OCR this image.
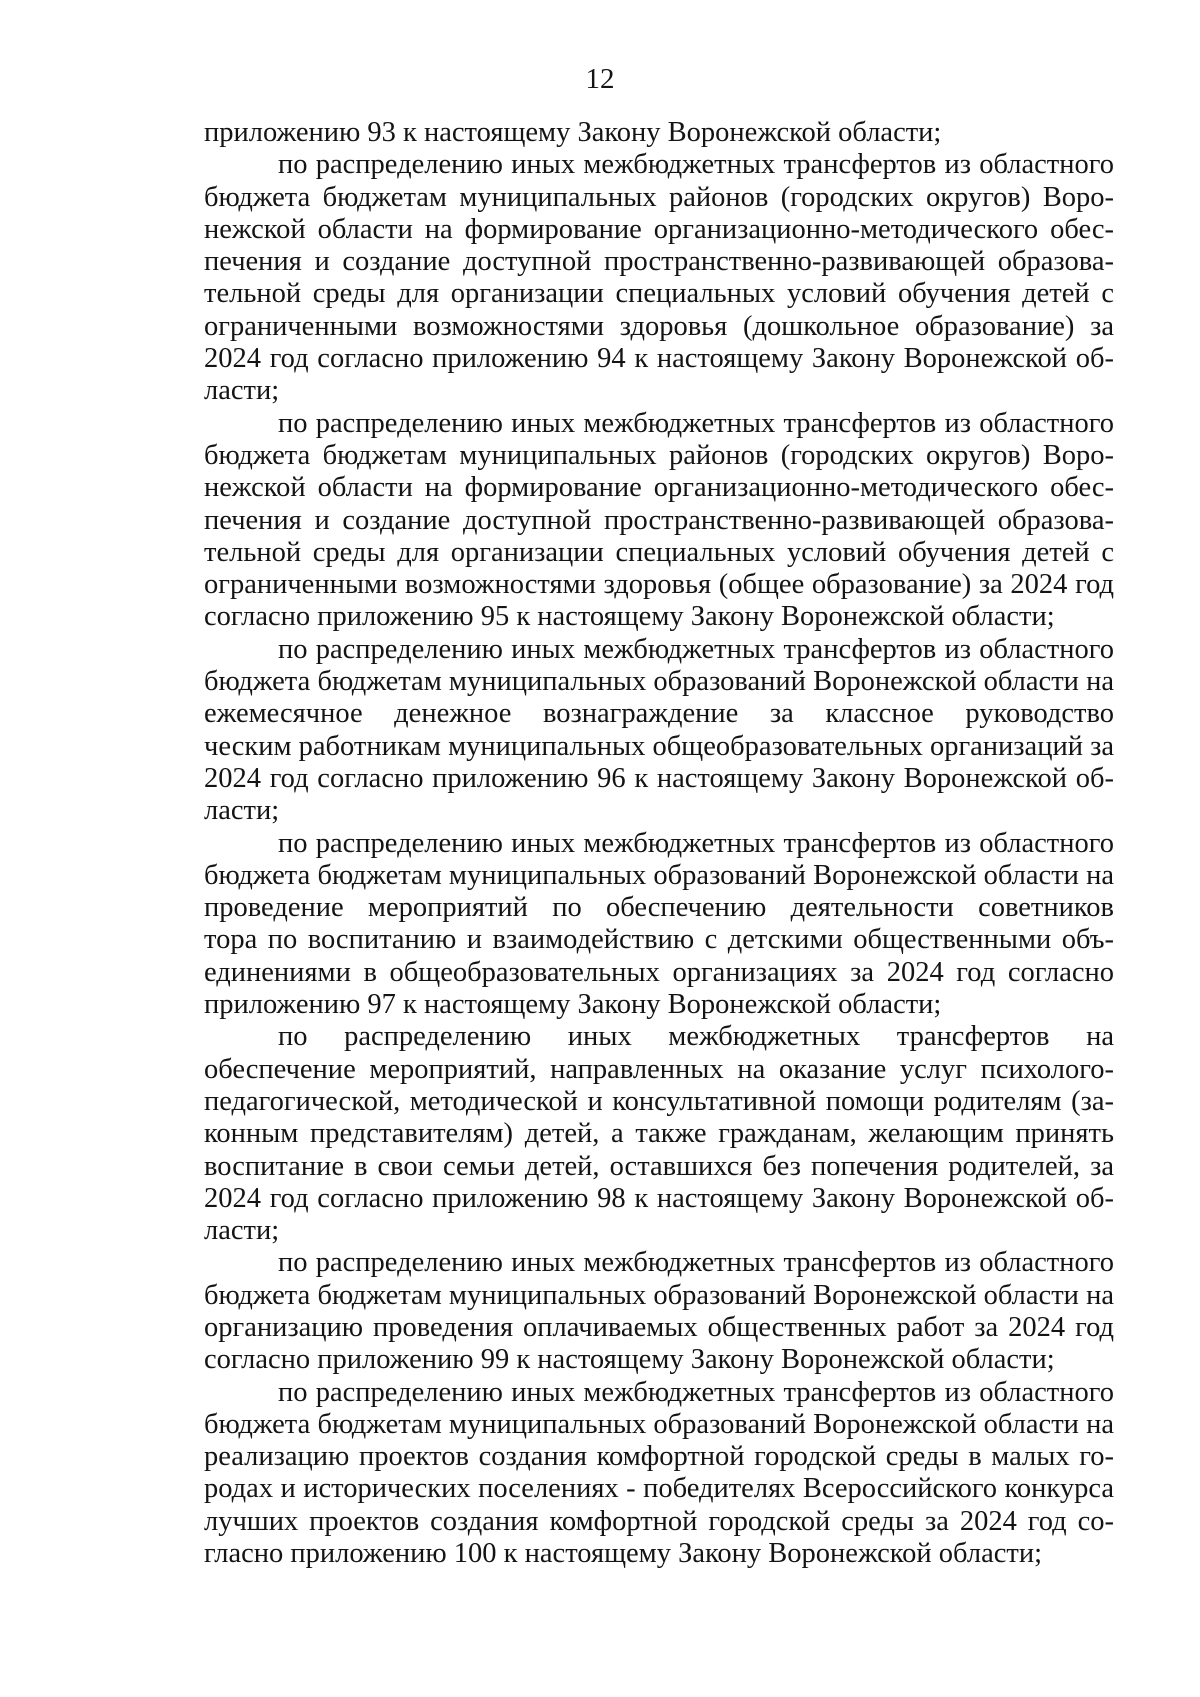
12
приложению 93 к настоящему Закону Воронежской области;
по распределению иных межбюджетных трансфертов из областного
бюджета бюджетам муниципальных районов (городских округов) Воро-
нежской области на формирование организационно-методического обес-
печения и создание доступной пространственно-развивающей образова-
тельной среды для организации специальных условий обучения детей с
ограниченными возможностями здоровья (дошкольное образование) за
2024 год согласно приложению 94 к настоящему Закону Воронежской об-
ласти;
по распределению иных межбюджетных трансфертов из областного
бюджета бюджетам муниципальных районов (городских округов) Воро-
нежской области на формирование организационно-методического обес-
печения и создание доступной пространственно-развивающей образова-
тельной среды для организации специальных условий обучения детей с
ограниченными возможностями здоровья (общее образование) за 2024 год
согласно приложению 95 к настоящему Закону Воронежской области;
по распределению иных межбюджетных трансфертов из областного
бюджета бюджетам муниципальных образований Воронежской области на
ежемесячное денежное вознаграждение за классное руководство
ческим работникам муниципальных общеобразовательных организаций за
2024 год согласно приложению 96 к настоящему Закону Воронежской об-
ласти;
по распределению иных межбюджетных трансфертов из областного
бюджета бюджетам муниципальных образований Воронежской области на
проведение мероприятий по обеспечению деятельности советников
тора по воспитанию и взаимодействию с детскими общественными объ-
единениями в общеобразовательных организациях за 2024 год согласно
приложению 97 к настоящему Закону Воронежской области;
по распределению иных межбюджетных трансфертов на
обеспечение мероприятий, направленных на оказание услуг психолого-
педагогической, методической и консультативной помощи родителям (за-
конным представителям) детей, а также гражданам, желающим принять
воспитание в свои семьи детей, оставшихся без попечения родителей, за
2024 год согласно приложению 98 к настоящему Закону Воронежской об-
ласти;
по распределению иных межбюджетных трансфертов из областного
бюджета бюджетам муниципальных образований Воронежской области на
организацию проведения оплачиваемых общественных работ за 2024 год
согласно приложению 99 к настоящему Закону Воронежской области;
по распределению иных межбюджетных трансфертов из областного
бюджета бюджетам муниципальных образований Воронежской области на
реализацию проектов создания комфортной городской среды в малых го-
родах и исторических поселениях - победителях Всероссийского конкурса
лучших проектов создания комфортной городской среды за 2024 год со-
гласно приложению 100 к настоящему Закону Воронежской области;
